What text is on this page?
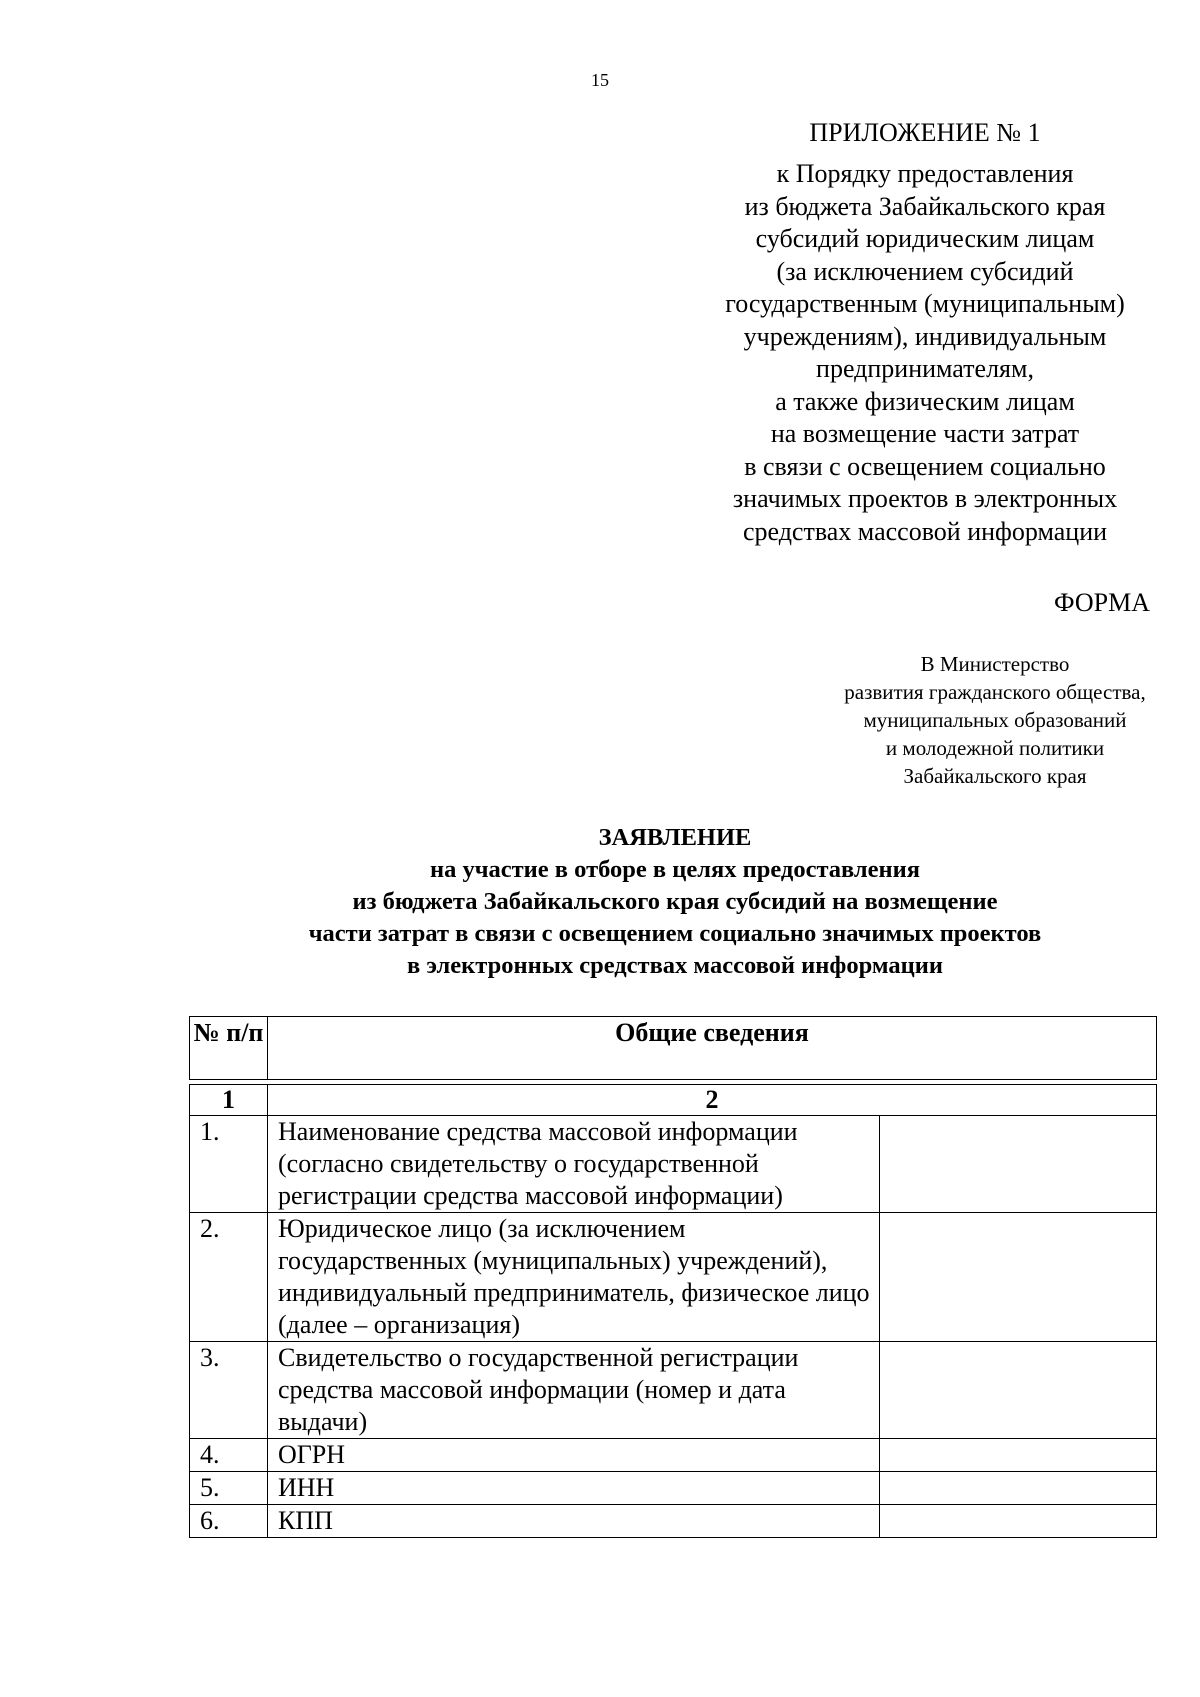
15
ПРИЛОЖЕНИЕ № 1
к Порядку предоставления
из бюджета Забайкальского края
субсидий юридическим лицам
(за исключением субсидий
государственным (муниципальным)
учреждениям), индивидуальным
предпринимателям,
а также физическим лицам
на возмещение части затрат
в связи с освещением социально
значимых проектов в электронных
средствах массовой информации
ФОРМА
В Министерство
развития гражданского общества,
муниципальных образований
и молодежной политики
Забайкальского края
ЗАЯВЛЕНИЕ
на участие в отборе в целях предоставления
из бюджета Забайкальского края субсидий на возмещение
части затрат в связи с освещением социально значимых проектов
в электронных средствах массовой информации
№ п/п	Общие сведения	

1	2	
1.	Наименование средства массовой информации (согласно свидетельству о государственной регистрации средства массовой информации)	
2.	Юридическое лицо (за исключением государственных (муниципальных) учреждений), индивидуальный предприниматель, физическое лицо (далее – организация)	
3.	Свидетельство о государственной регистрации средства массовой информации (номер и дата выдачи)	
4.	ОГРН	
5.	ИНН	
6.	КПП	
